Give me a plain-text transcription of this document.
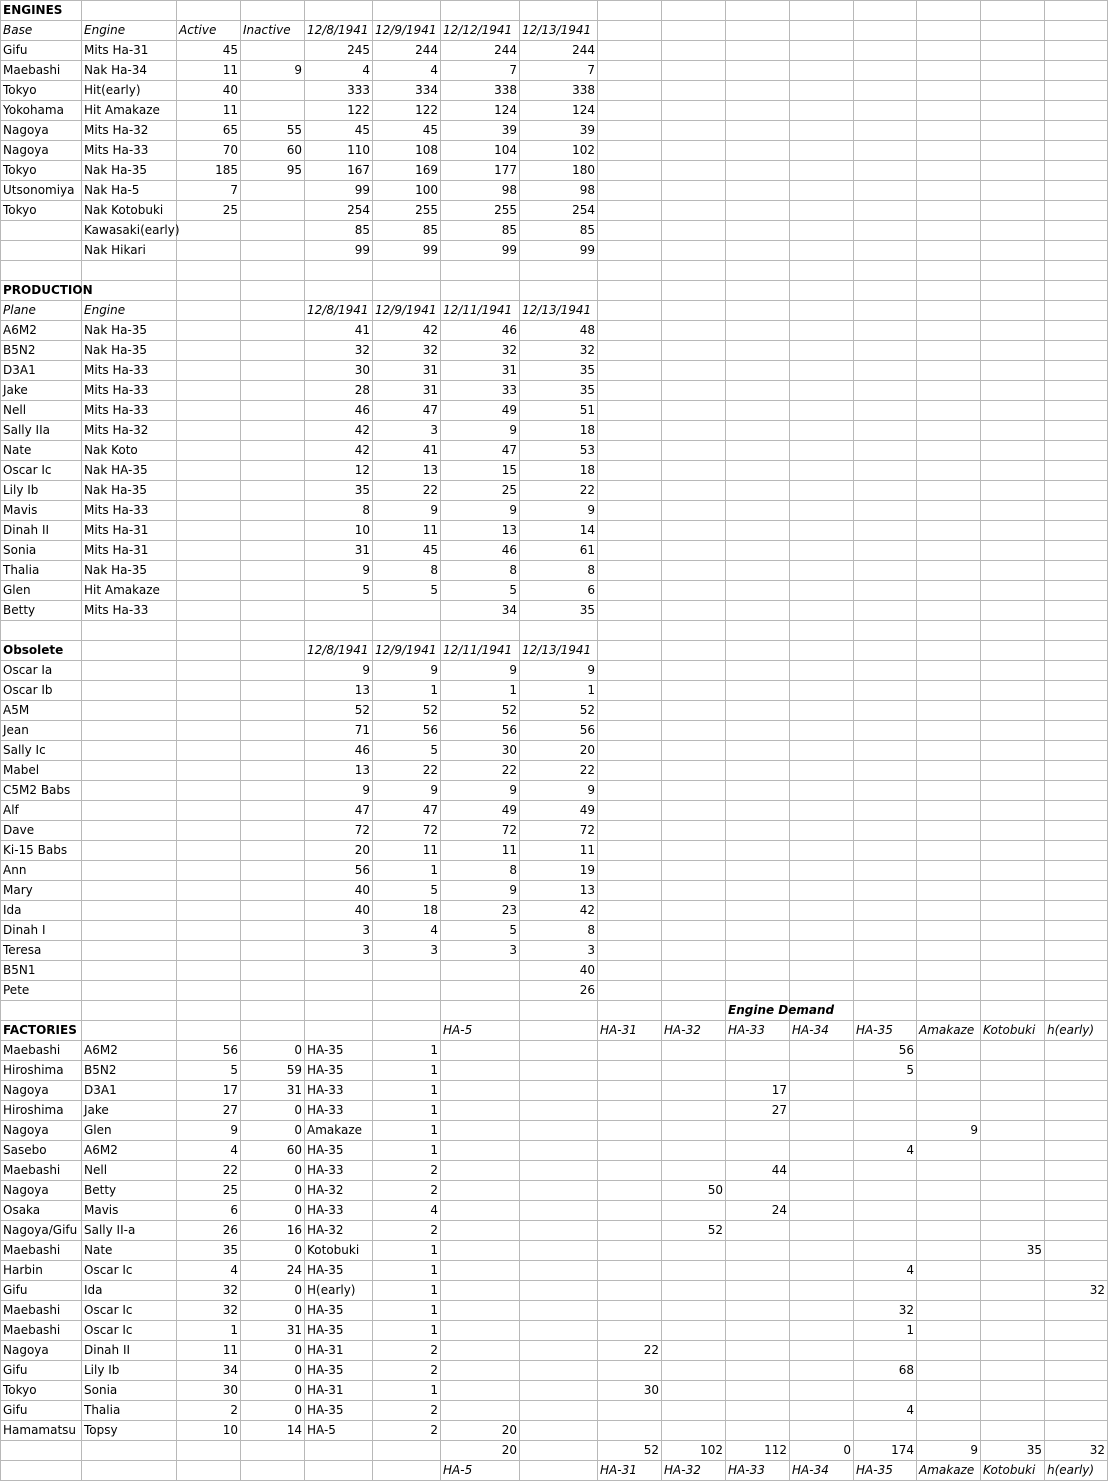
ENGINES															
Base	Engine	Active	Inactive	12/8/1941	12/9/1941	12/12/1941	12/13/1941								
Gifu	Mits Ha-31	45		245	244	244	244								
Maebashi	Nak Ha-34	11	9	4	4	7	7								
Tokyo	Hit(early)	40		333	334	338	338								
Yokohama	Hit Amakaze	11		122	122	124	124								
Nagoya	Mits Ha-32	65	55	45	45	39	39								
Nagoya	Mits Ha-33	70	60	110	108	104	102								
Tokyo	Nak Ha-35	185	95	167	169	177	180								
Utsonomiya	Nak Ha-5	7		99	100	98	98								
Tokyo	Nak Kotobuki	25		254	255	255	254								
	Kawasaki(early)			85	85	85	85								
	Nak Hikari			99	99	99	99								

PRODUCTION															
Plane	Engine			12/8/1941	12/9/1941	12/11/1941	12/13/1941								
A6M2	Nak Ha-35			41	42	46	48								
B5N2	Nak Ha-35			32	32	32	32								
D3A1	Mits Ha-33			30	31	31	35								
Jake	Mits Ha-33			28	31	33	35								
Nell	Mits Ha-33			46	47	49	51								
Sally IIa	Mits Ha-32			42	3	9	18								
Nate	Nak Koto			42	41	47	53								
Oscar Ic	Nak HA-35			12	13	15	18								
Lily Ib	Nak Ha-35			35	22	25	22								
Mavis	Mits Ha-33			8	9	9	9								
Dinah II	Mits Ha-31			10	11	13	14								
Sonia	Mits Ha-31			31	45	46	61								
Thalia	Nak Ha-35			9	8	8	8								
Glen	Hit Amakaze			5	5	5	6								
Betty	Mits Ha-33					34	35								

Obsolete				12/8/1941	12/9/1941	12/11/1941	12/13/1941								
Oscar Ia				9	9	9	9								
Oscar Ib				13	1	1	1								
A5M				52	52	52	52								
Jean				71	56	56	56								
Sally Ic				46	5	30	20								
Mabel				13	22	22	22								
C5M2 Babs				9	9	9	9								
Alf				47	47	49	49								
Dave				72	72	72	72								
Ki-15 Babs				20	11	11	11								
Ann				56	1	8	19								
Mary				40	5	9	13								
Ida				40	18	23	42								
Dinah I				3	4	5	8								
Teresa				3	3	3	3								
B5N1							40								
Pete							26								
										Engine Demand					
FACTORIES						HA-5		HA-31	HA-32	HA-33	HA-34	HA-35	Amakaze	Kotobuki	h(early)
Maebashi	A6M2	56	0	HA-35	1							56			
Hiroshima	B5N2	5	59	HA-35	1							5			
Nagoya	D3A1	17	31	HA-33	1					17					
Hiroshima	Jake	27	0	HA-33	1					27					
Nagoya	Glen	9	0	Amakaze	1								9		
Sasebo	A6M2	4	60	HA-35	1							4			
Maebashi	Nell	22	0	HA-33	2					44					
Nagoya	Betty	25	0	HA-32	2				50						
Osaka	Mavis	6	0	HA-33	4					24					
Nagoya/Gifu	Sally II-a	26	16	HA-32	2				52						
Maebashi	Nate	35	0	Kotobuki	1									35	
Harbin	Oscar Ic	4	24	HA-35	1							4			
Gifu	Ida	32	0	H(early)	1										32
Maebashi	Oscar Ic	32	0	HA-35	1							32			
Maebashi	Oscar Ic	1	31	HA-35	1							1			
Nagoya	Dinah II	11	0	HA-31	2			22							
Gifu	Lily Ib	34	0	HA-35	2							68			
Tokyo	Sonia	30	0	HA-31	1			30							
Gifu	Thalia	2	0	HA-35	2							4			
Hamamatsu	Topsy	10	14	HA-5	2	20									
						20		52	102	112	0	174	9	35	32
						HA-5		HA-31	HA-32	HA-33	HA-34	HA-35	Amakaze	Kotobuki	h(early)
